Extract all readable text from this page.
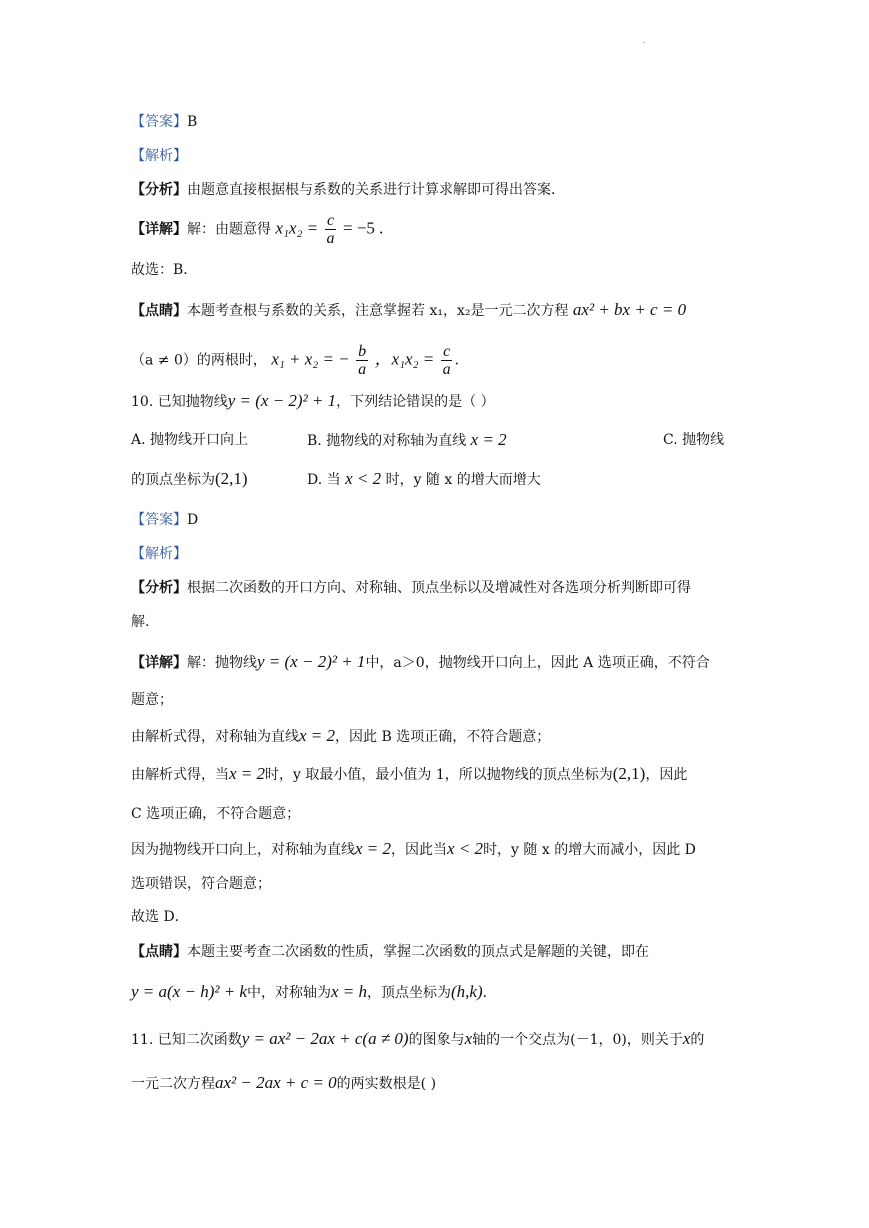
.
【答案】B
【解析】
【分析】由题意直接根据根与系数的关系进行计算求解即可得出答案．
【详解】解：由题意得 $x_1x_2 = \frac{c}{a} = -5$ .
故选：B．
【点睛】本题考查根与系数的关系，注意掌握若 x₁，x₂是一元二次方程 ax² + bx + c = 0
（a ≠ 0）的两根时， x₁ + x₂ = − $\frac{b}{a}$ ，$x_1x_2 = \frac{c}{a}$ ．
10. 已知抛物线y = (x − 2)² + 1，下列结论错误的是（ ）
A. 抛物线开口向上	B. 抛物线的对称轴为直线 x = 2	C. 抛物线
的顶点坐标为(2,1)	D. 当 x < 2 时，y 随 x 的增大而增大
【答案】D
【解析】
【分析】根据二次函数的开口方向、对称轴、顶点坐标以及增减性对各选项分析判断即可得
解.
【详解】解：抛物线y = (x − 2)² + 1中，a＞0，抛物线开口向上，因此 A 选项正确，不符合
题意；
由解析式得，对称轴为直线x = 2，因此 B 选项正确，不符合题意；
由解析式得，当x = 2时，y 取最小值，最小值为 1，所以抛物线的顶点坐标为(2,1)，因此
C 选项正确，不符合题意；
因为抛物线开口向上，对称轴为直线x = 2，因此当x < 2时，y 随 x 的增大而减小，因此 D
选项错误，符合题意；
故选 D．
【点睛】本题主要考查二次函数的性质，掌握二次函数的顶点式是解题的关键，即在
y = a(x − h)² + k中，对称轴为x = h，顶点坐标为(h,k)．
11. 已知二次函数y = ax² − 2ax + c(a ≠ 0)的图象与x轴的一个交点为(－1，0)，则关于x的
一元二次方程ax² − 2ax + c = 0的两实数根是( )
